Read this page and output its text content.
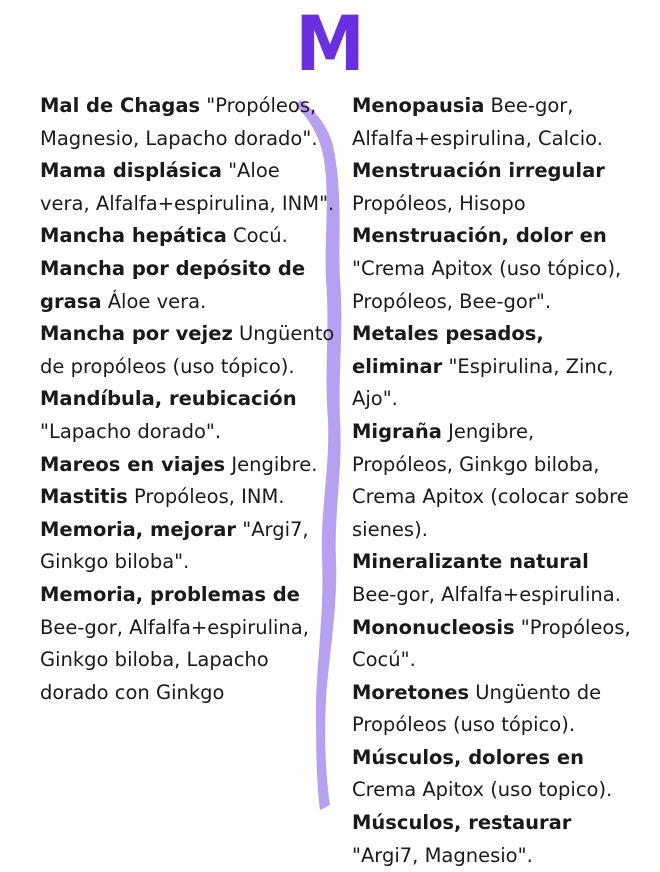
M

Mal de Chagas "Propóleos, Magnesio, Lapacho dorado".

Mama displásica "Aloe vera, Alfalfa+espirulina, INM".

Mancha hepática Cocú.

Mancha por depósito de grasa Áloe vera.

Mancha por vejez Ungüento de propóleos (uso tópico).

Mandíbula, reubicación "Lapacho dorado".

Mareos en viajes Jengibre.

Mastitis Propóleos, INM.

Memoria, mejorar "Argi7, Ginkgo biloba".

Memoria, problemas de Bee-gor, Alfalfa+espirulina, Ginkgo biloba, Lapacho dorado con Ginkgo

Menopausia Bee-gor, Alfalfa+espirulina, Calcio.

Menstruación irregular Propóleos, Hisopo

Menstruación, dolor en "Crema Apitox (uso tópico), Propóleos, Bee-gor".

Metales pesados, eliminar "Espirulina, Zinc, Ajo".

Migraña Jengibre, Propóleos, Ginkgo biloba, Crema Apitox (colocar sobre sienes).

Mineralizante natural Bee-gor, Alfalfa+espirulina.

Mononucleosis "Propóleos, Cocú".

Moretones Ungüento de Propóleos (uso tópico).

Músculos, dolores en Crema Apitox (uso topico).

Músculos, restaurar "Argi7, Magnesio".
